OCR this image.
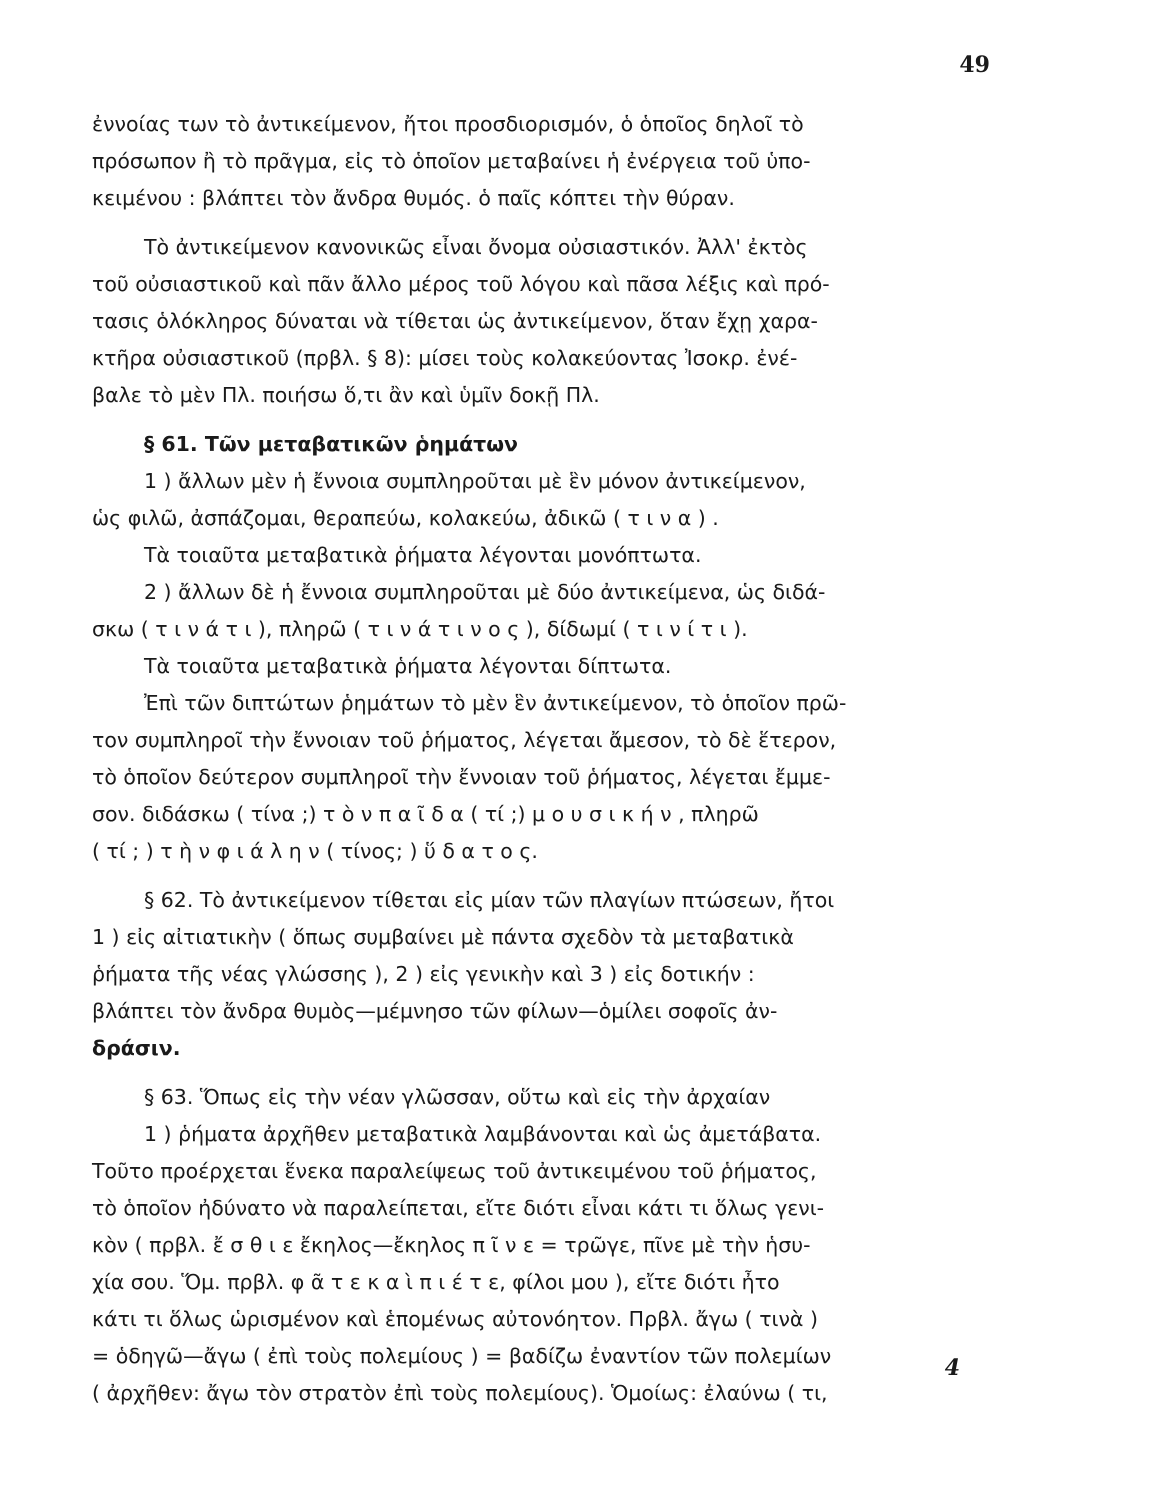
49
ἐννοίας των τὸ ἀντικείμενον, ἤτοι προσδιορισμόν, ὁ ὁποῖος δηλοῖ τὸ
πρόσωπον ἢ τὸ πρᾶγμα, εἰς τὸ ὁποῖον μεταβαίνει ἡ ἐνέργεια τοῦ ὑπο-
κειμένου : βλάπτει τὸν ἄνδρα θυμός. ὁ παῖς κόπτει τὴν θύραν.
Τὸ ἀντικείμενον κανονικῶς εἶναι ὄνομα οὐσιαστικόν. Ἀλλ' ἐκτὸς
τοῦ οὐσιαστικοῦ καὶ πᾶν ἄλλο μέρος τοῦ λόγου καὶ πᾶσα λέξις καὶ πρό-
τασις ὁλόκληρος δύναται νὰ τίθεται ὡς ἀντικείμενον, ὅταν ἔχῃ χαρα-
κτῆρα οὐσιαστικοῦ (πρβλ. § 8): μίσει τοὺς κολακεύοντας Ἰσοκρ. ἐνέ-
βαλε τὸ μὲν Πλ. ποιήσω ὅ,τι ἂν καὶ ὑμῖν δοκῇ Πλ.
§ 61. Τῶν μεταβατικῶν ῥημάτων
1 ) ἄλλων μὲν ἡ ἔννοια συμπληροῦται μὲ ἓν μόνον ἀντικείμενον,
ὡς φιλῶ, ἀσπάζομαι, θεραπεύω, κολακεύω, ἀδικῶ ( τ ι ν α ) .
Τὰ τοιαῦτα μεταβατικὰ ῥήματα λέγονται μονόπτωτα.
2 ) ἄλλων δὲ ἡ ἔννοια συμπληροῦται μὲ δύο ἀντικείμενα, ὡς διδά-
σκω ( τ ι ν ά τ ι ), πληρῶ ( τ ι ν ά τ ι ν ο ς ), δίδωμί ( τ ι ν ί τ ι ).
Τὰ τοιαῦτα μεταβατικὰ ῥήματα λέγονται δίπτωτα.
Ἐπὶ τῶν διπτώτων ῥημάτων τὸ μὲν ἓν ἀντικείμενον, τὸ ὁποῖον πρῶ-
τον συμπληροῖ τὴν ἔννοιαν τοῦ ῥήματος, λέγεται ἄμεσον, τὸ δὲ ἕτερον,
τὸ ὁποῖον δεύτερον συμπληροῖ τὴν ἔννοιαν τοῦ ῥήματος, λέγεται ἔμμε-
σον. διδάσκω ( τίνα ;) τ ὸ ν π α ῖ δ α ( τί ;) μ ο υ σ ι κ ή ν , πληρῶ
( τί ; ) τ ὴ ν φ ι ά λ η ν ( τίνος; ) ὕ δ α τ ο ς.
§ 62. Τὸ ἀντικείμενον τίθεται εἰς μίαν τῶν πλαγίων πτώσεων, ἤτοι
1 ) εἰς αἰτιατικὴν ( ὅπως συμβαίνει μὲ πάντα σχεδὸν τὰ μεταβατικὰ
ῥήματα τῆς νέας γλώσσης ), 2 ) εἰς γενικὴν καὶ 3 ) εἰς δοτικήν :
βλάπτει τὸν ἄνδρα θυμὸς—μέμνησο τῶν φίλων—ὁμίλει σοφοῖς ἀν-
δράσιν.
§ 63. Ὅπως εἰς τὴν νέαν γλῶσσαν, οὕτω καὶ εἰς τὴν ἀρχαίαν
1 ) ῥήματα ἀρχῆθεν μεταβατικὰ λαμβάνονται καὶ ὡς ἀμετάβατα.
Τοῦτο προέρχεται ἕνεκα παραλείψεως τοῦ ἀντικειμένου τοῦ ῥήματος,
τὸ ὁποῖον ἠδύνατο νὰ παραλείπεται, εἴτε διότι εἶναι κάτι τι ὅλως γενι-
κὸν ( πρβλ. ἔ σ θ ι ε ἔκηλος—ἔκηλος π ῖ ν ε = τρῶγε, πῖνε μὲ τὴν ἡσυ-
χία σου. Ὅμ. πρβλ. φ ᾶ τ ε κ α ὶ π ι έ τ ε, φίλοι μου ), εἴτε διότι ἦτο
κάτι τι ὅλως ὡρισμένον καὶ ἑπομένως αὐτονόητον. Πρβλ. ἄγω ( τινὰ )
= ὁδηγῶ—ἄγω ( ἐπὶ τοὺς πολεμίους ) = βαδίζω ἐναντίον τῶν πολεμίων
( ἀρχῆθεν: ἄγω τὸν στρατὸν ἐπὶ τοὺς πολεμίους). Ὁμοίως: ἐλαύνω ( τι,
4
